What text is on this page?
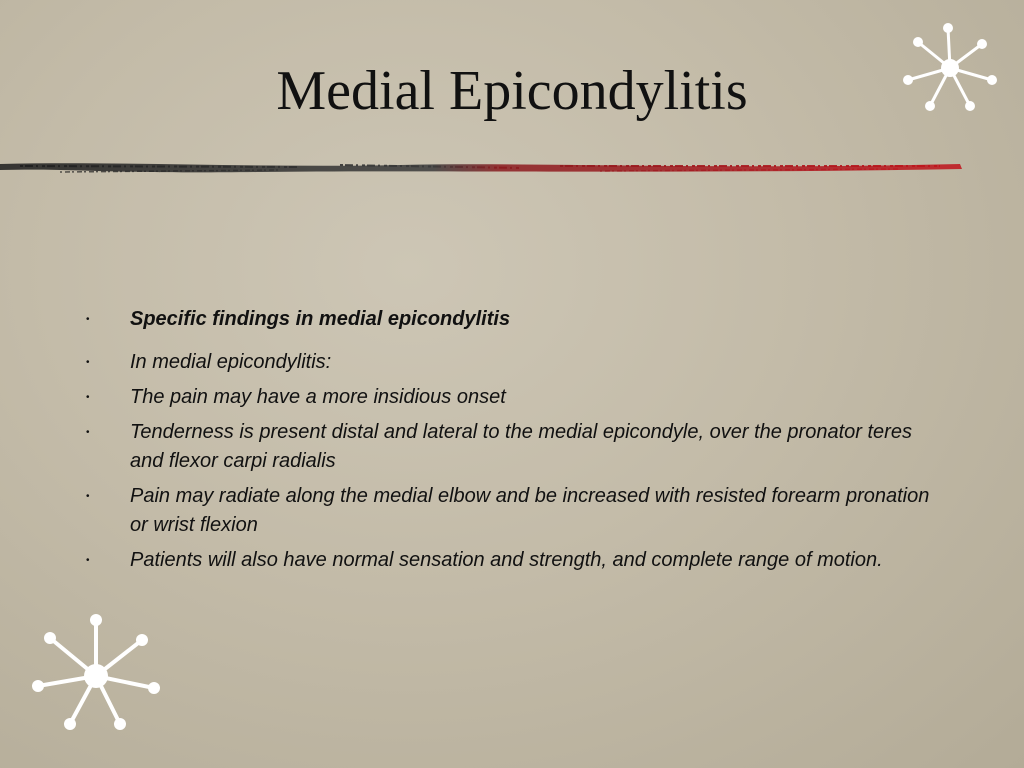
Medial Epicondylitis
• Specific findings in medial epicondylitis
• In medial epicondylitis:
• The pain may have a more insidious onset
• Tenderness is present distal and lateral to the medial epicondyle, over the pronator teres and flexor carpi radialis
• Pain may radiate along the medial elbow and be increased with resisted forearm pronation or wrist flexion
• Patients will also have normal sensation and strength, and complete range of motion.
